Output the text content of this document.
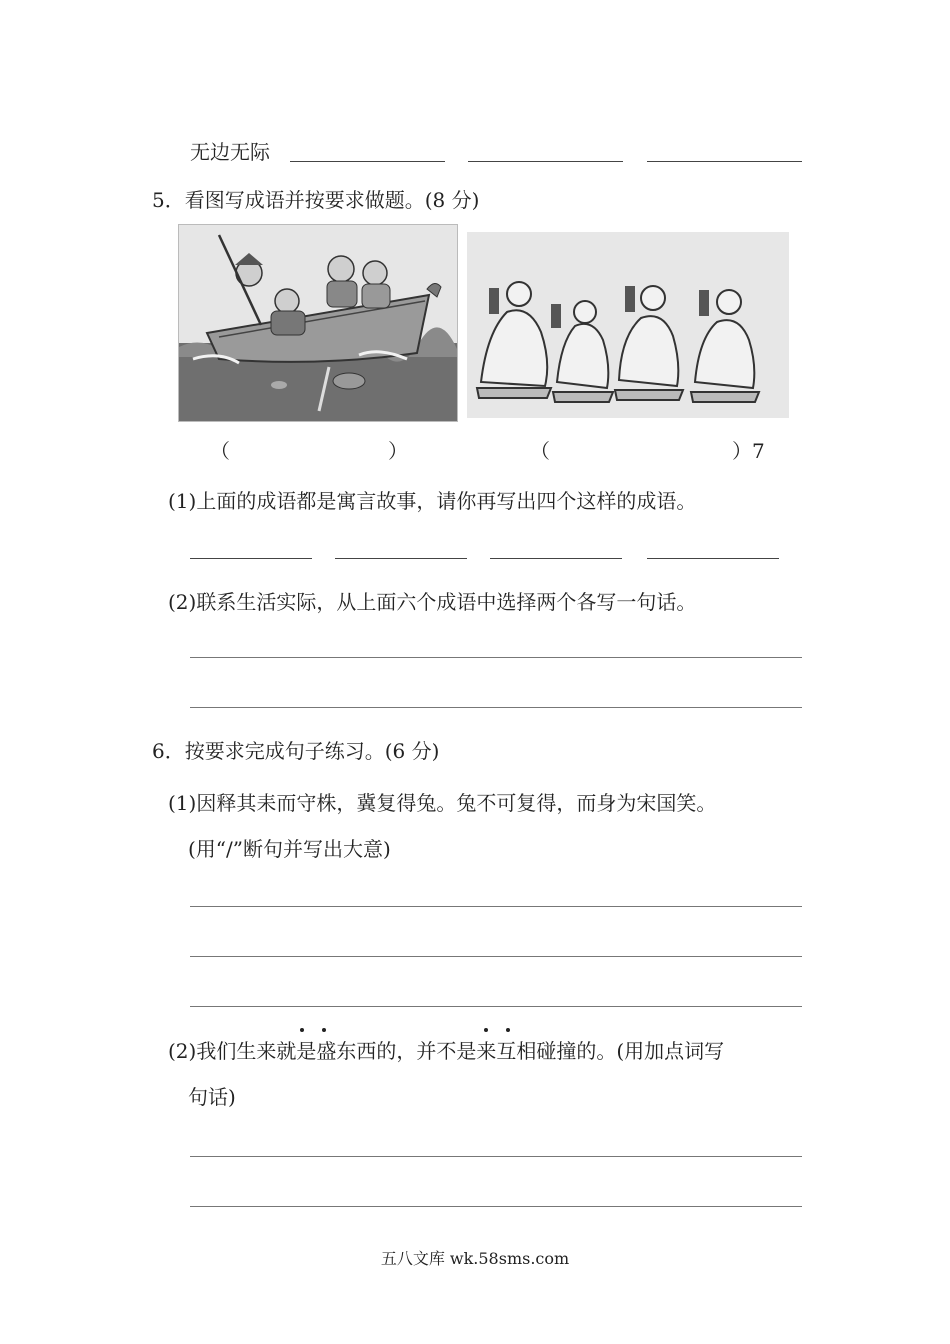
无边无际
5．看图写成语并按要求做题。(8 分)
（	）	（	）7
(1)上面的成语都是寓言故事，请你再写出四个这样的成语。
(2)联系生活实际，从上面六个成语中选择两个各写一句话。
6．按要求完成句子练习。(6 分)
(1)因释其耒而守株，冀复得兔。兔不可复得，而身为宋国笑。
(用“/”断句并写出大意)
(2)我们生来就是盛东西的，并不是来互相碰撞的。(用加点词写
句话)
五八文库 wk.58sms.com
